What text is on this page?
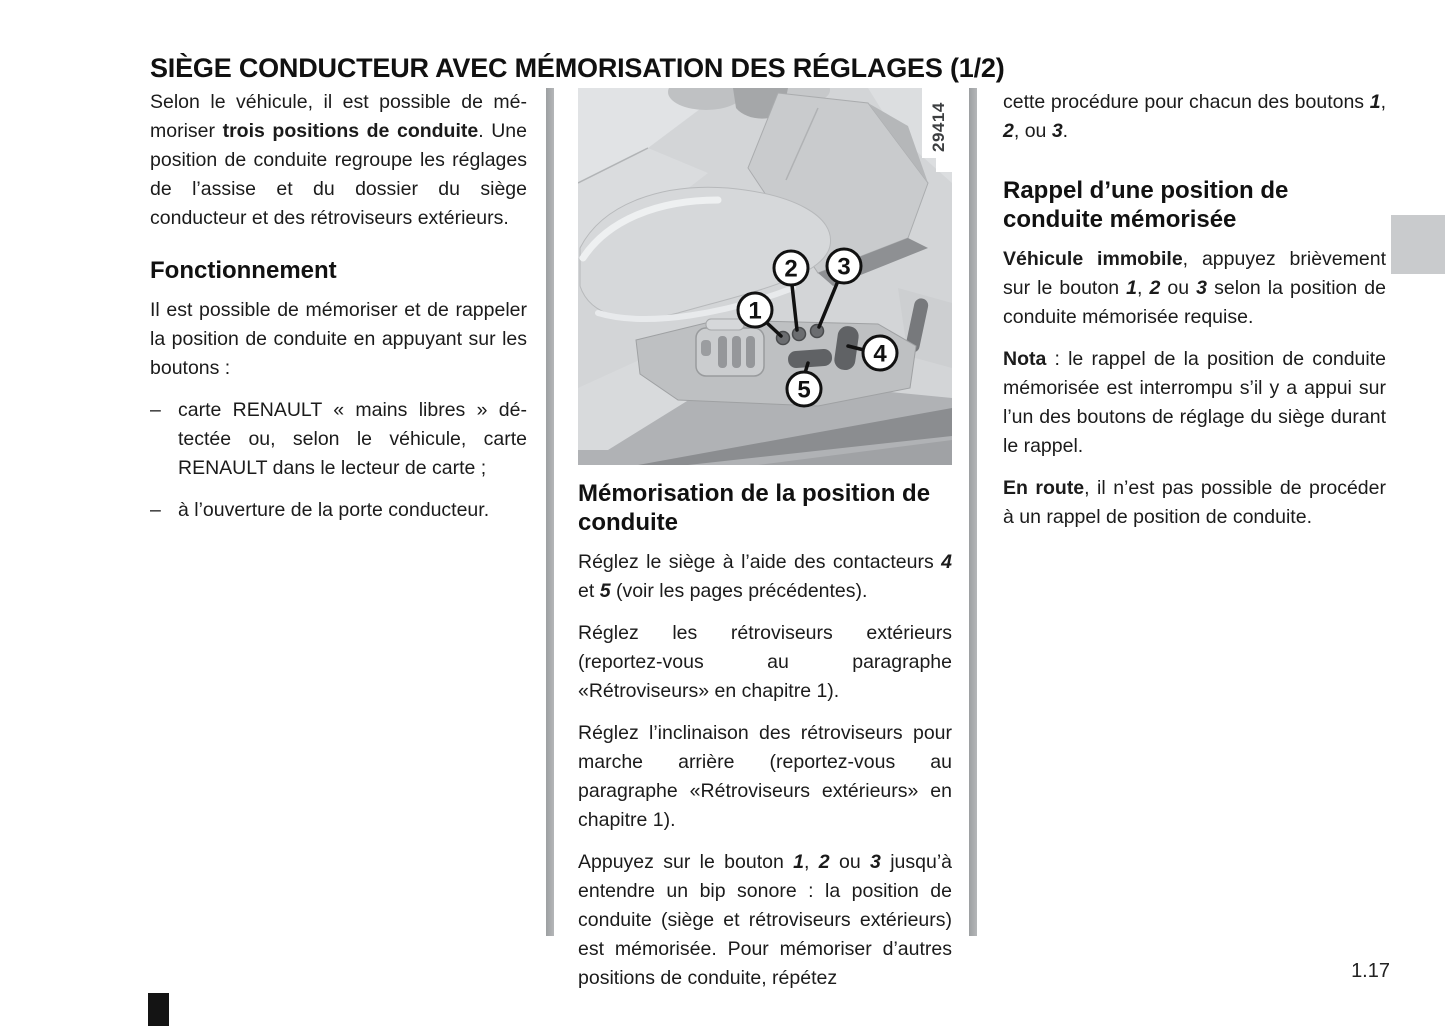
SIÈGE CONDUCTEUR AVEC MÉMORISATION DES RÉGLAGES (1/2)

Selon le véhicule, il est possible de mémoriser trois positions de conduite. Une position de conduite regroupe les réglages de l’assise et du dossier du siège conducteur et des rétroviseurs extérieurs.

Fonctionnement

Il est possible de mémoriser et de rappeler la position de conduite en appuyant sur les boutons :

– carte RENAULT « mains libres » détectée ou, selon le véhicule, carte RENAULT dans le lecteur de carte ;
– à l’ouverture de la porte conducteur.
29414
1
2 3
4
5
Mémorisation de la position de conduite

Réglez le siège à l’aide des contacteurs 4 et 5 (voir les pages précédentes).

Réglez les rétroviseurs extérieurs (reportez-vous au paragraphe «Rétroviseurs» en chapitre 1).

Réglez l’inclinaison des rétroviseurs pour marche arrière (reportez-vous au paragraphe «Rétroviseurs extérieurs» en chapitre 1).

Appuyez sur le bouton 1, 2 ou 3 jusqu’à entendre un bip sonore : la position de conduite (siège et rétroviseurs extérieurs) est mémorisée. Pour mémoriser d’autres positions de conduite, répétez

cette procédure pour chacun des boutons 1, 2, ou 3.

Rappel d’une position de conduite mémorisée

Véhicule immobile, appuyez brièvement sur le bouton 1, 2 ou 3 selon la position de conduite mémorisée requise.

Nota : le rappel de la position de conduite mémorisée est interrompu s’il y a appui sur l’un des boutons de réglage du siège durant le rappel.

En route, il n’est pas possible de procéder à un rappel de position de conduite.

1.17
